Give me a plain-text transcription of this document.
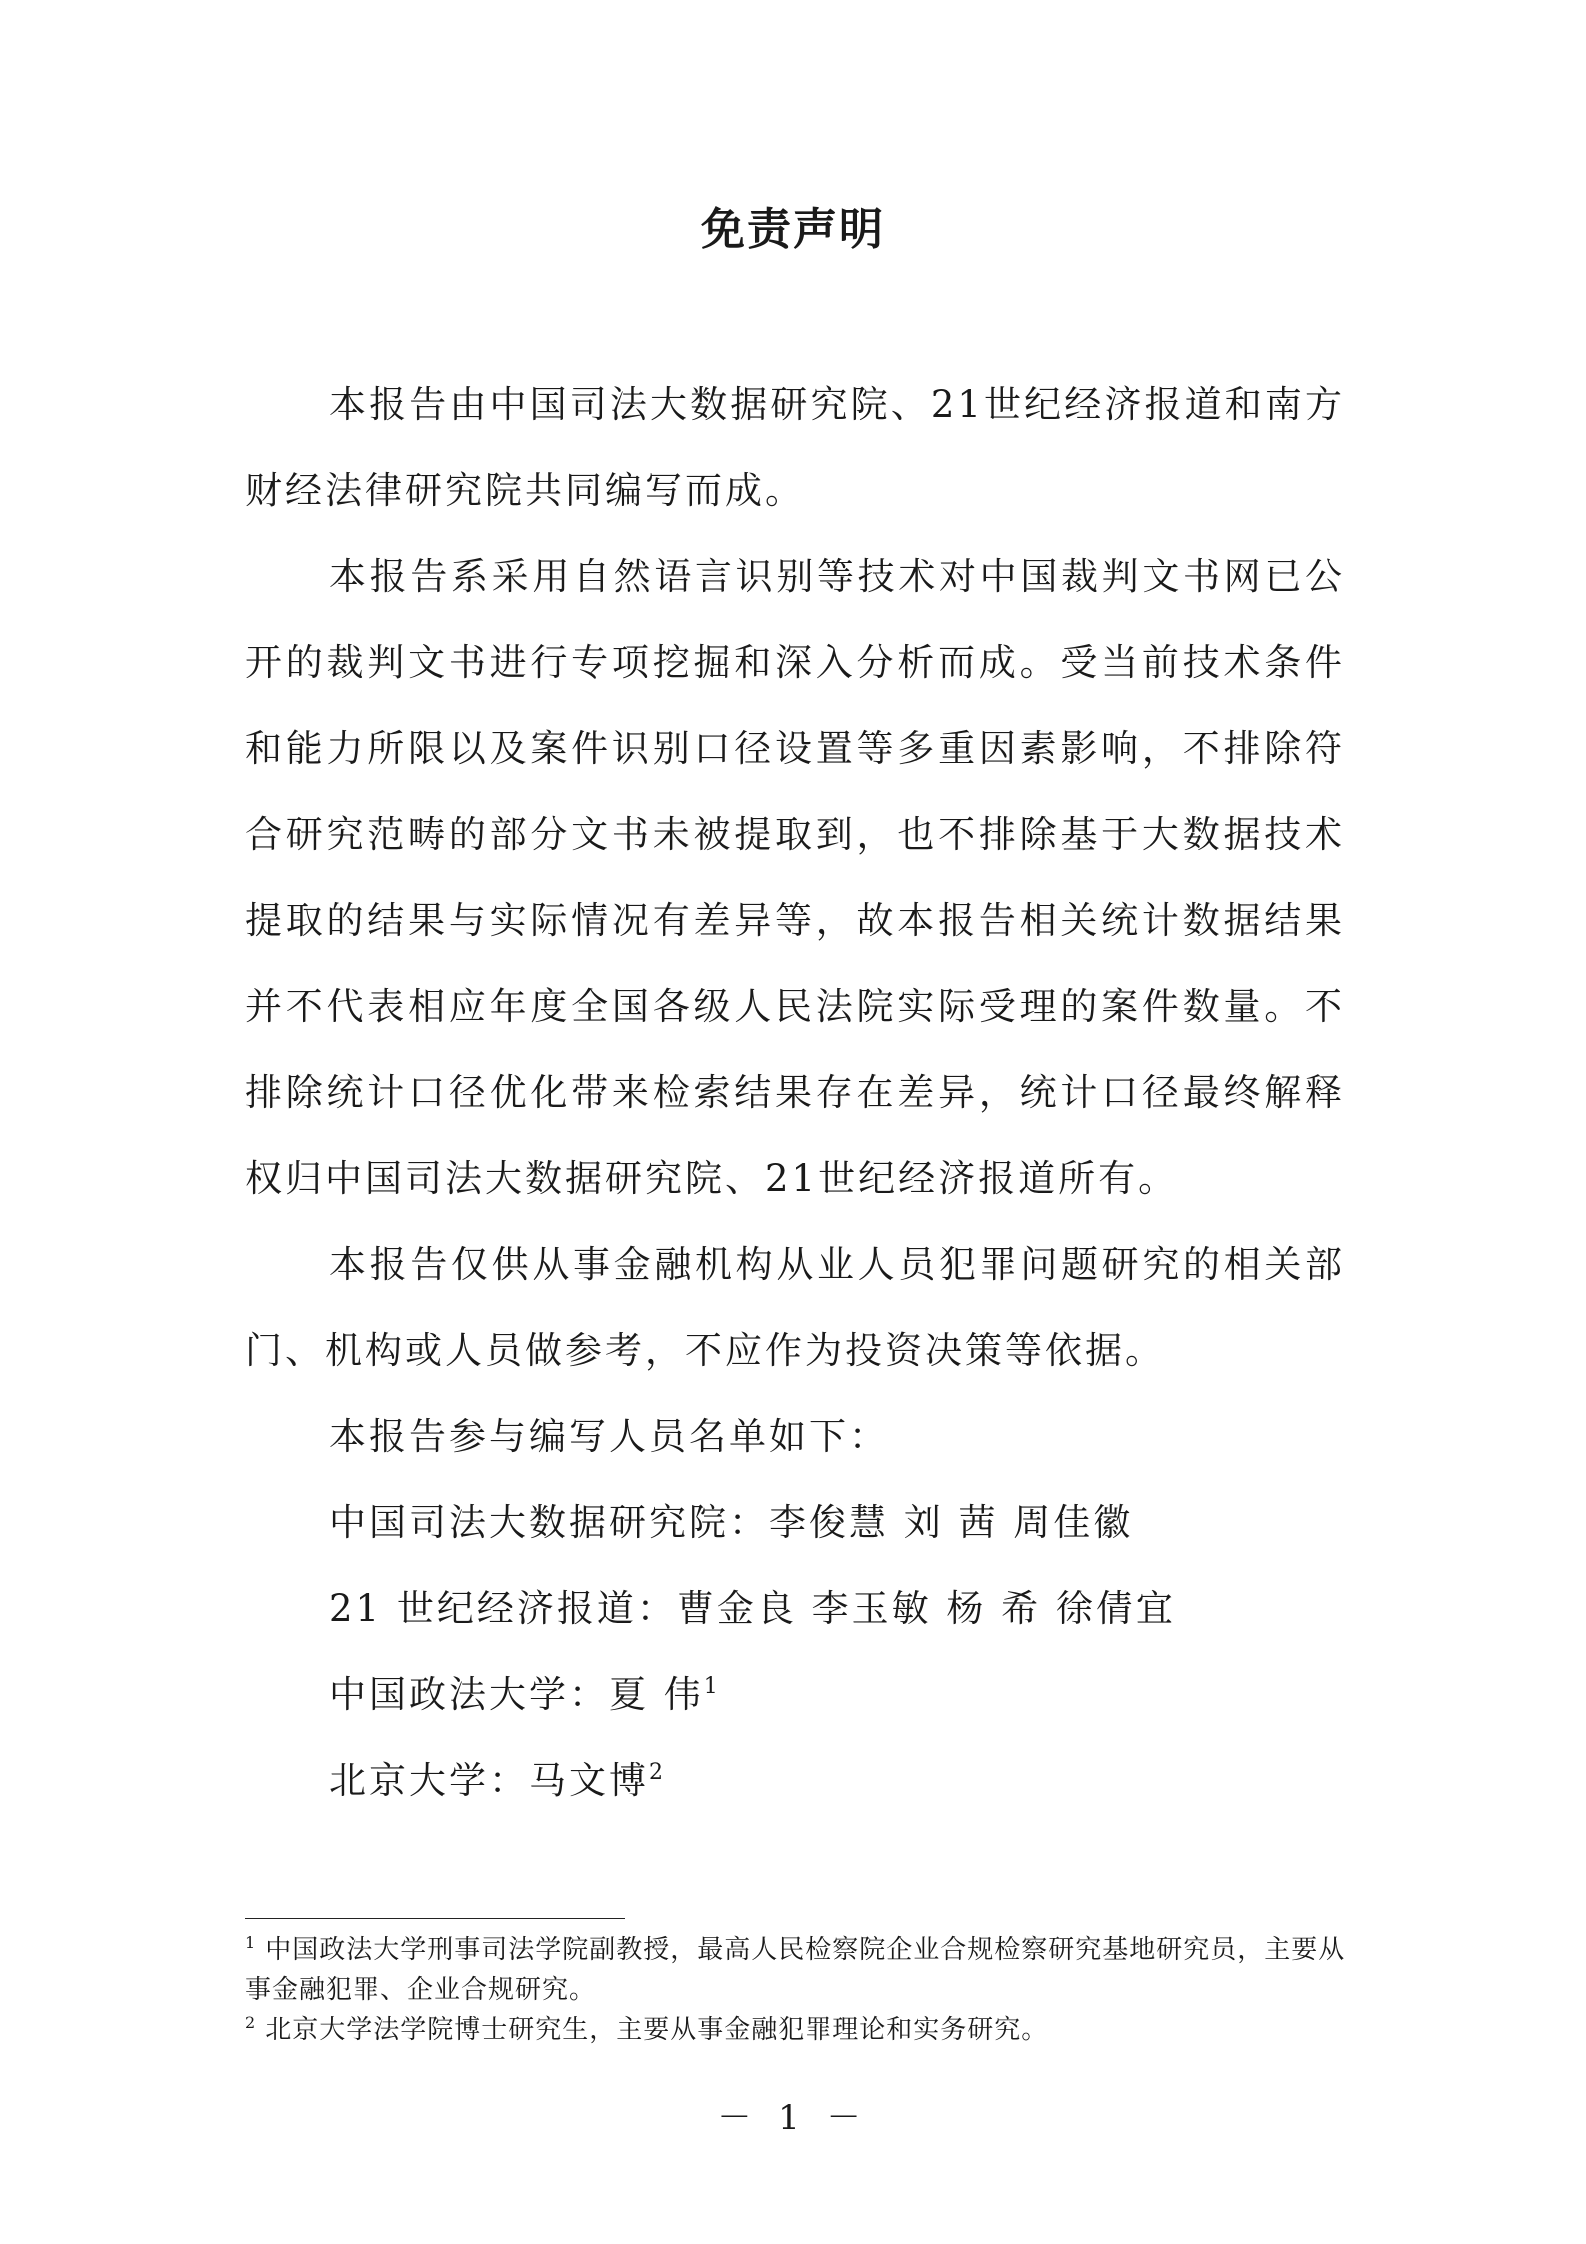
免责声明

本报告由中国司法大数据研究院、21世纪经济报道和南方财经法律研究院共同编写而成。

本报告系采用自然语言识别等技术对中国裁判文书网已公开的裁判文书进行专项挖掘和深入分析而成。受当前技术条件和能力所限以及案件识别口径设置等多重因素影响，不排除符合研究范畴的部分文书未被提取到，也不排除基于大数据技术提取的结果与实际情况有差异等，故本报告相关统计数据结果并不代表相应年度全国各级人民法院实际受理的案件数量。不排除统计口径优化带来检索结果存在差异，统计口径最终解释权归中国司法大数据研究院、21世纪经济报道所有。

本报告仅供从事金融机构从业人员犯罪问题研究的相关部门、机构或人员做参考，不应作为投资决策等依据。

本报告参与编写人员名单如下：
中国司法大数据研究院：李俊慧 刘 茜 周佳徽
21 世纪经济报道：曹金良 李玉敏 杨 希 徐倩宜
中国政法大学：夏 伟$^1$
北京大学：马文博$^2$

$^1$ 中国政法大学刑事司法学院副教授，最高人民检察院企业合规检察研究基地研究员，主要从事金融犯罪、企业合规研究。

$^2$ 北京大学法学院博士研究生，主要从事金融犯罪理论和实务研究。

－ 1 －
